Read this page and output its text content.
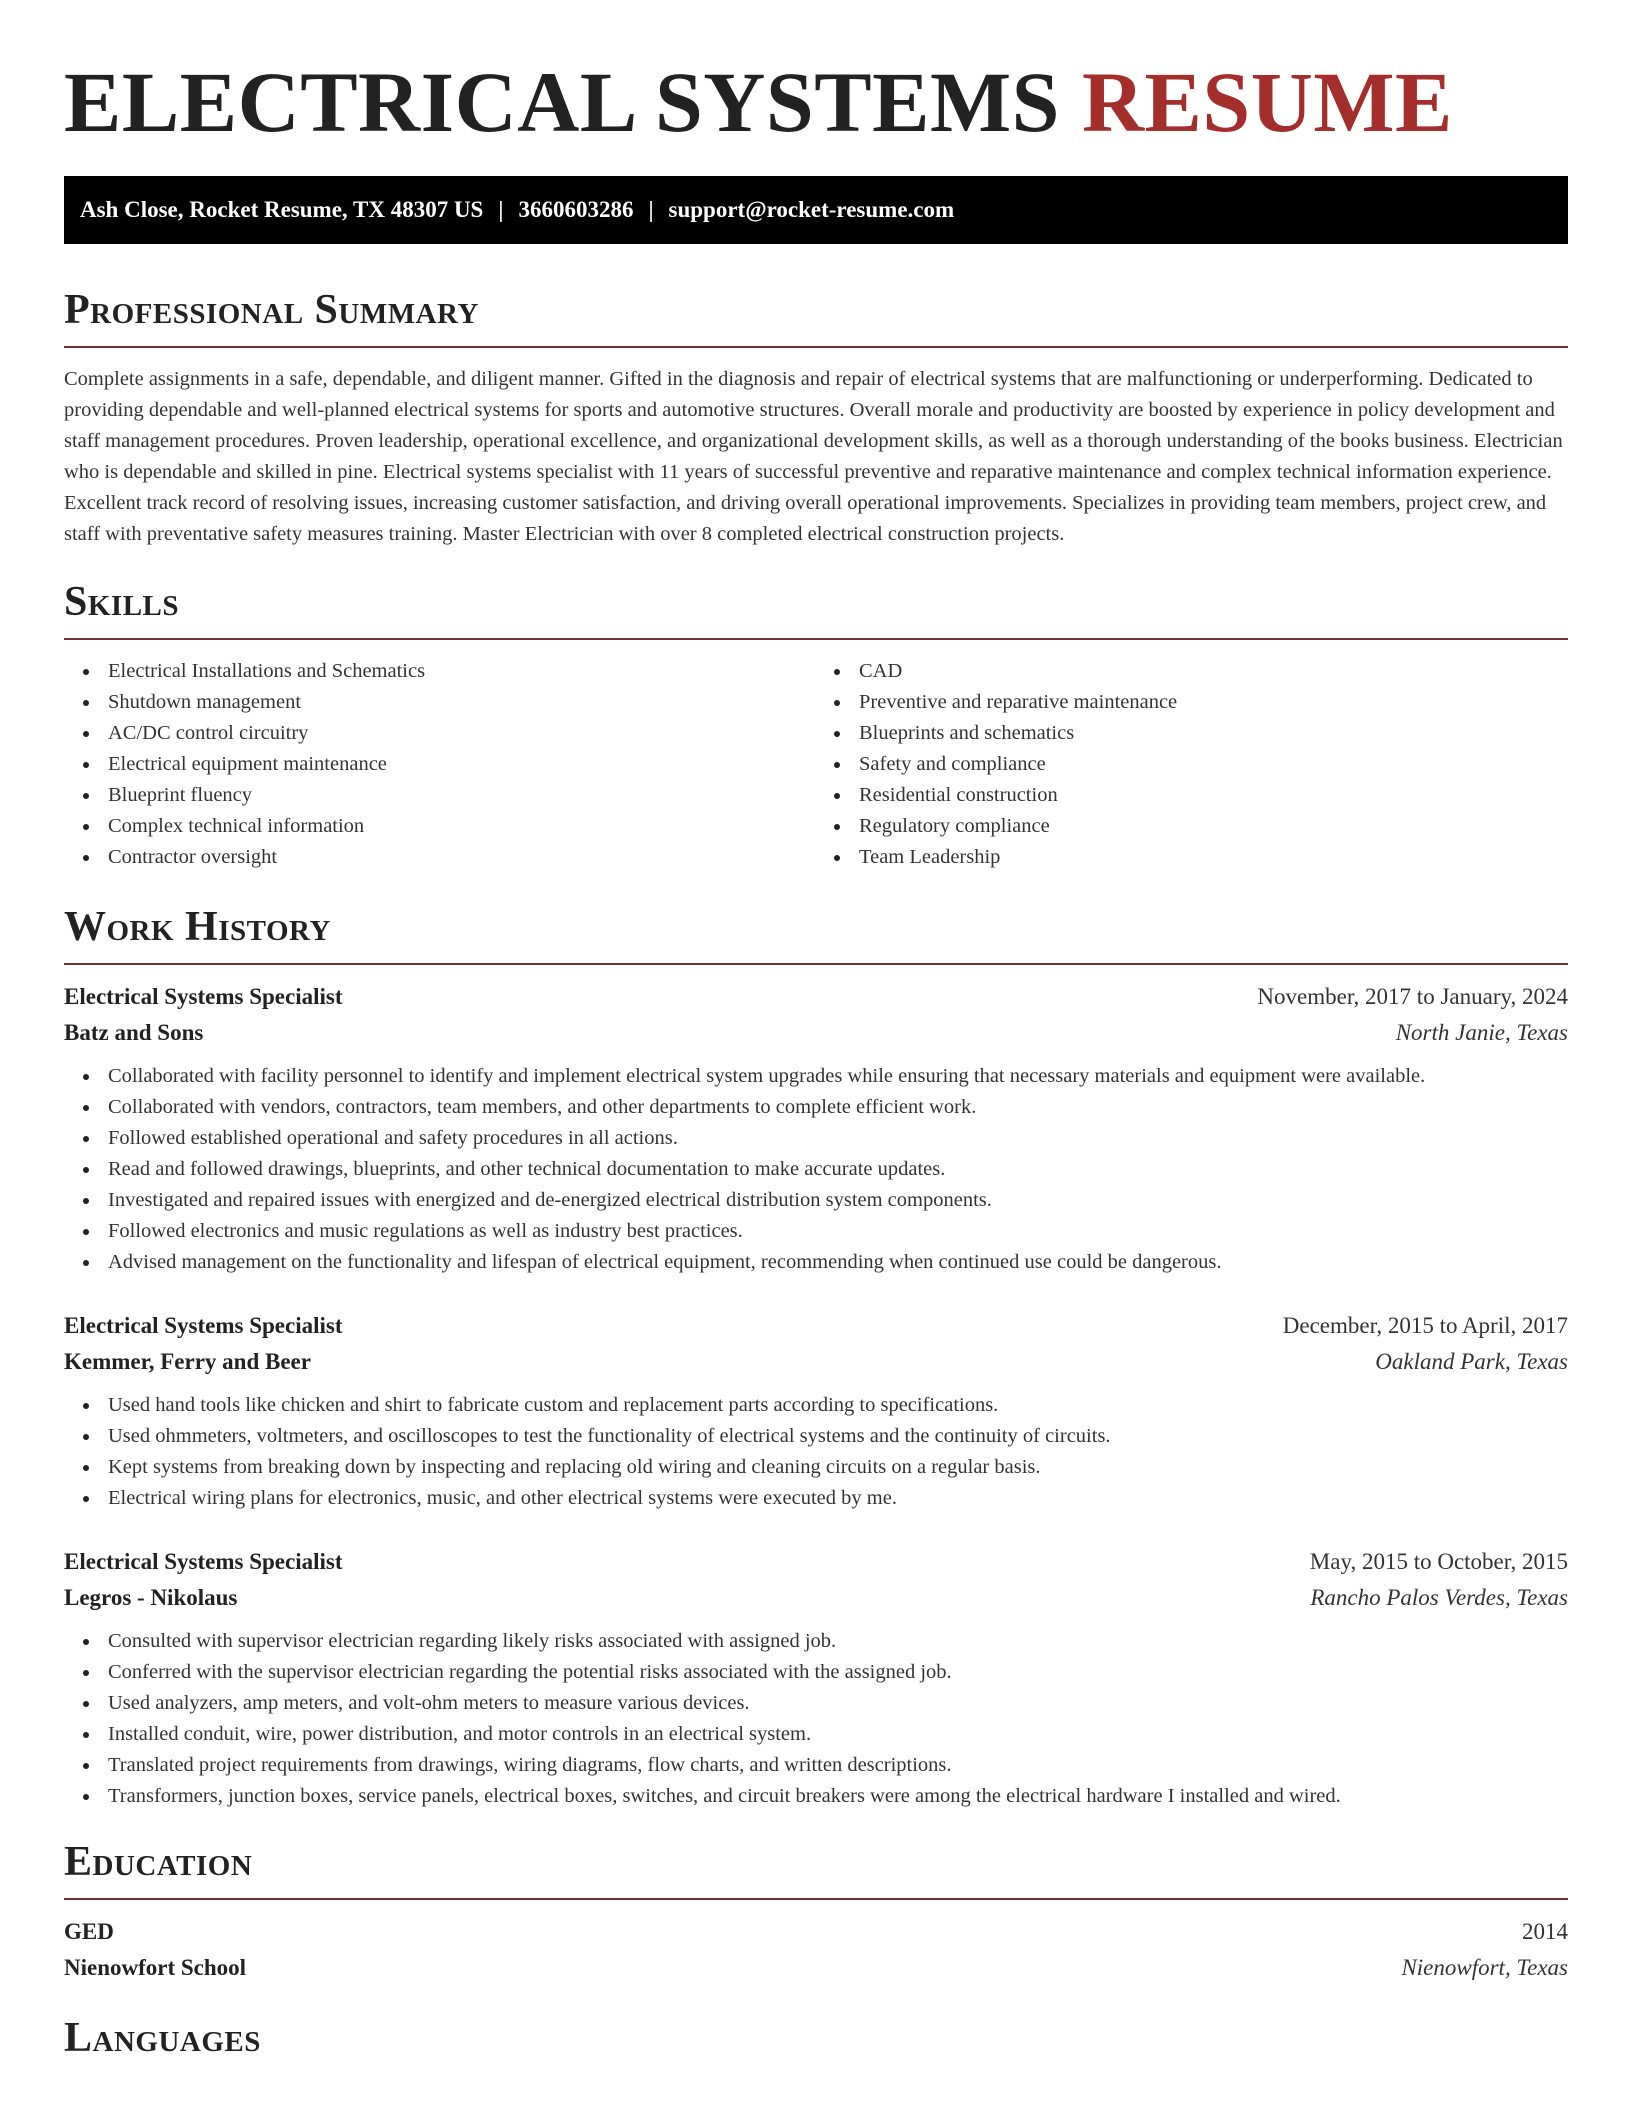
ELECTRICAL SYSTEMS RESUME
Ash Close, Rocket Resume, TX 48307 US | 3660603286 | support@rocket-resume.com
Professional Summary

Complete assignments in a safe, dependable, and diligent manner. Gifted in the diagnosis and repair of electrical systems that are malfunctioning or underperforming. Dedicated to providing dependable and well-planned electrical systems for sports and automotive structures. Overall morale and productivity are boosted by experience in policy development and staff management procedures. Proven leadership, operational excellence, and organizational development skills, as well as a thorough understanding of the books business. Electrician who is dependable and skilled in pine. Electrical systems specialist with 11 years of successful preventive and reparative maintenance and complex technical information experience. Excellent track record of resolving issues, increasing customer satisfaction, and driving overall operational improvements. Specializes in providing team members, project crew, and staff with preventative safety measures training. Master Electrician with over 8 completed electrical construction projects.

Skills
Electrical Installations and Schematics
Shutdown management
AC/DC control circuitry
Electrical equipment maintenance
Blueprint fluency
Complex technical information
Contractor oversight
CAD
Preventive and reparative maintenance
Blueprints and schematics
Safety and compliance
Residential construction
Regulatory compliance
Team Leadership
Work History
Electrical Systems Specialist	November, 2017 to January, 2024
Batz and Sons	North Janie, Texas
Collaborated with facility personnel to identify and implement electrical system upgrades while ensuring that necessary materials and equipment were available.
Collaborated with vendors, contractors, team members, and other departments to complete efficient work.
Followed established operational and safety procedures in all actions.
Read and followed drawings, blueprints, and other technical documentation to make accurate updates.
Investigated and repaired issues with energized and de-energized electrical distribution system components.
Followed electronics and music regulations as well as industry best practices.
Advised management on the functionality and lifespan of electrical equipment, recommending when continued use could be dangerous.
Electrical Systems Specialist	December, 2015 to April, 2017
Kemmer, Ferry and Beer	Oakland Park, Texas
Used hand tools like chicken and shirt to fabricate custom and replacement parts according to specifications.
Used ohmmeters, voltmeters, and oscilloscopes to test the functionality of electrical systems and the continuity of circuits.
Kept systems from breaking down by inspecting and replacing old wiring and cleaning circuits on a regular basis.
Electrical wiring plans for electronics, music, and other electrical systems were executed by me.
Electrical Systems Specialist	May, 2015 to October, 2015
Legros - Nikolaus	Rancho Palos Verdes, Texas
Consulted with supervisor electrician regarding likely risks associated with assigned job.
Conferred with the supervisor electrician regarding the potential risks associated with the assigned job.
Used analyzers, amp meters, and volt-ohm meters to measure various devices.
Installed conduit, wire, power distribution, and motor controls in an electrical system.
Translated project requirements from drawings, wiring diagrams, flow charts, and written descriptions.
Transformers, junction boxes, service panels, electrical boxes, switches, and circuit breakers were among the electrical hardware I installed and wired.
Education
GED	2014
Nienowfort School	Nienowfort, Texas
Languages
